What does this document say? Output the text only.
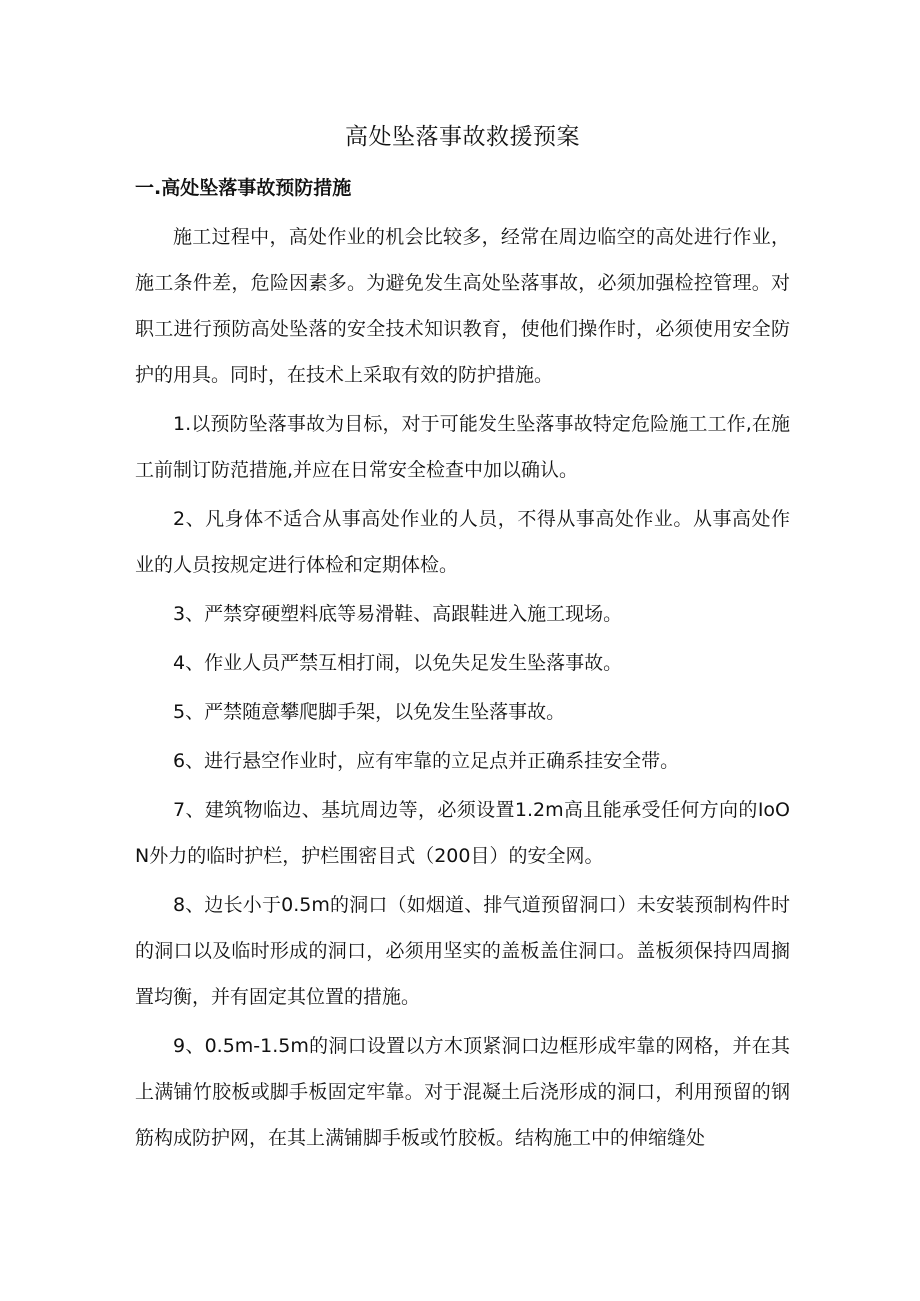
高处坠落事故救援预案
一.高处坠落事故预防措施

施工过程中，高处作业的机会比较多，经常在周边临空的高处进行作业，施工条件差，危险因素多。为避免发生高处坠落事故，必须加强检控管理。对职工进行预防高处坠落的安全技术知识教育，使他们操作时，必须使用安全防护的用具。同时，在技术上采取有效的防护措施。

1.以预防坠落事故为目标，对于可能发生坠落事故特定危险施工工作,在施工前制订防范措施,并应在日常安全检查中加以确认。

2、凡身体不适合从事高处作业的人员，不得从事高处作业。从事高处作业的人员按规定进行体检和定期体检。

3、严禁穿硬塑料底等易滑鞋、高跟鞋进入施工现场。

4、作业人员严禁互相打闹，以免失足发生坠落事故。

5、严禁随意攀爬脚手架，以免发生坠落事故。

6、进行悬空作业时，应有牢靠的立足点并正确系挂安全带。

7、建筑物临边、基坑周边等，必须设置1.2m高且能承受任何方向的IoON外力的临时护栏，护栏围密目式（200目）的安全网。

8、边长小于0.5m的洞口（如烟道、排气道预留洞口）未安装预制构件时的洞口以及临时形成的洞口，必须用坚实的盖板盖住洞口。盖板须保持四周搁置均衡，并有固定其位置的措施。

9、0.5m-1.5m的洞口设置以方木顶紧洞口边框形成牢靠的网格，并在其上满铺竹胶板或脚手板固定牢靠。对于混凝土后浇形成的洞口，利用预留的钢筋构成防护网，在其上满铺脚手板或竹胶板。结构施工中的伸缩缝处
